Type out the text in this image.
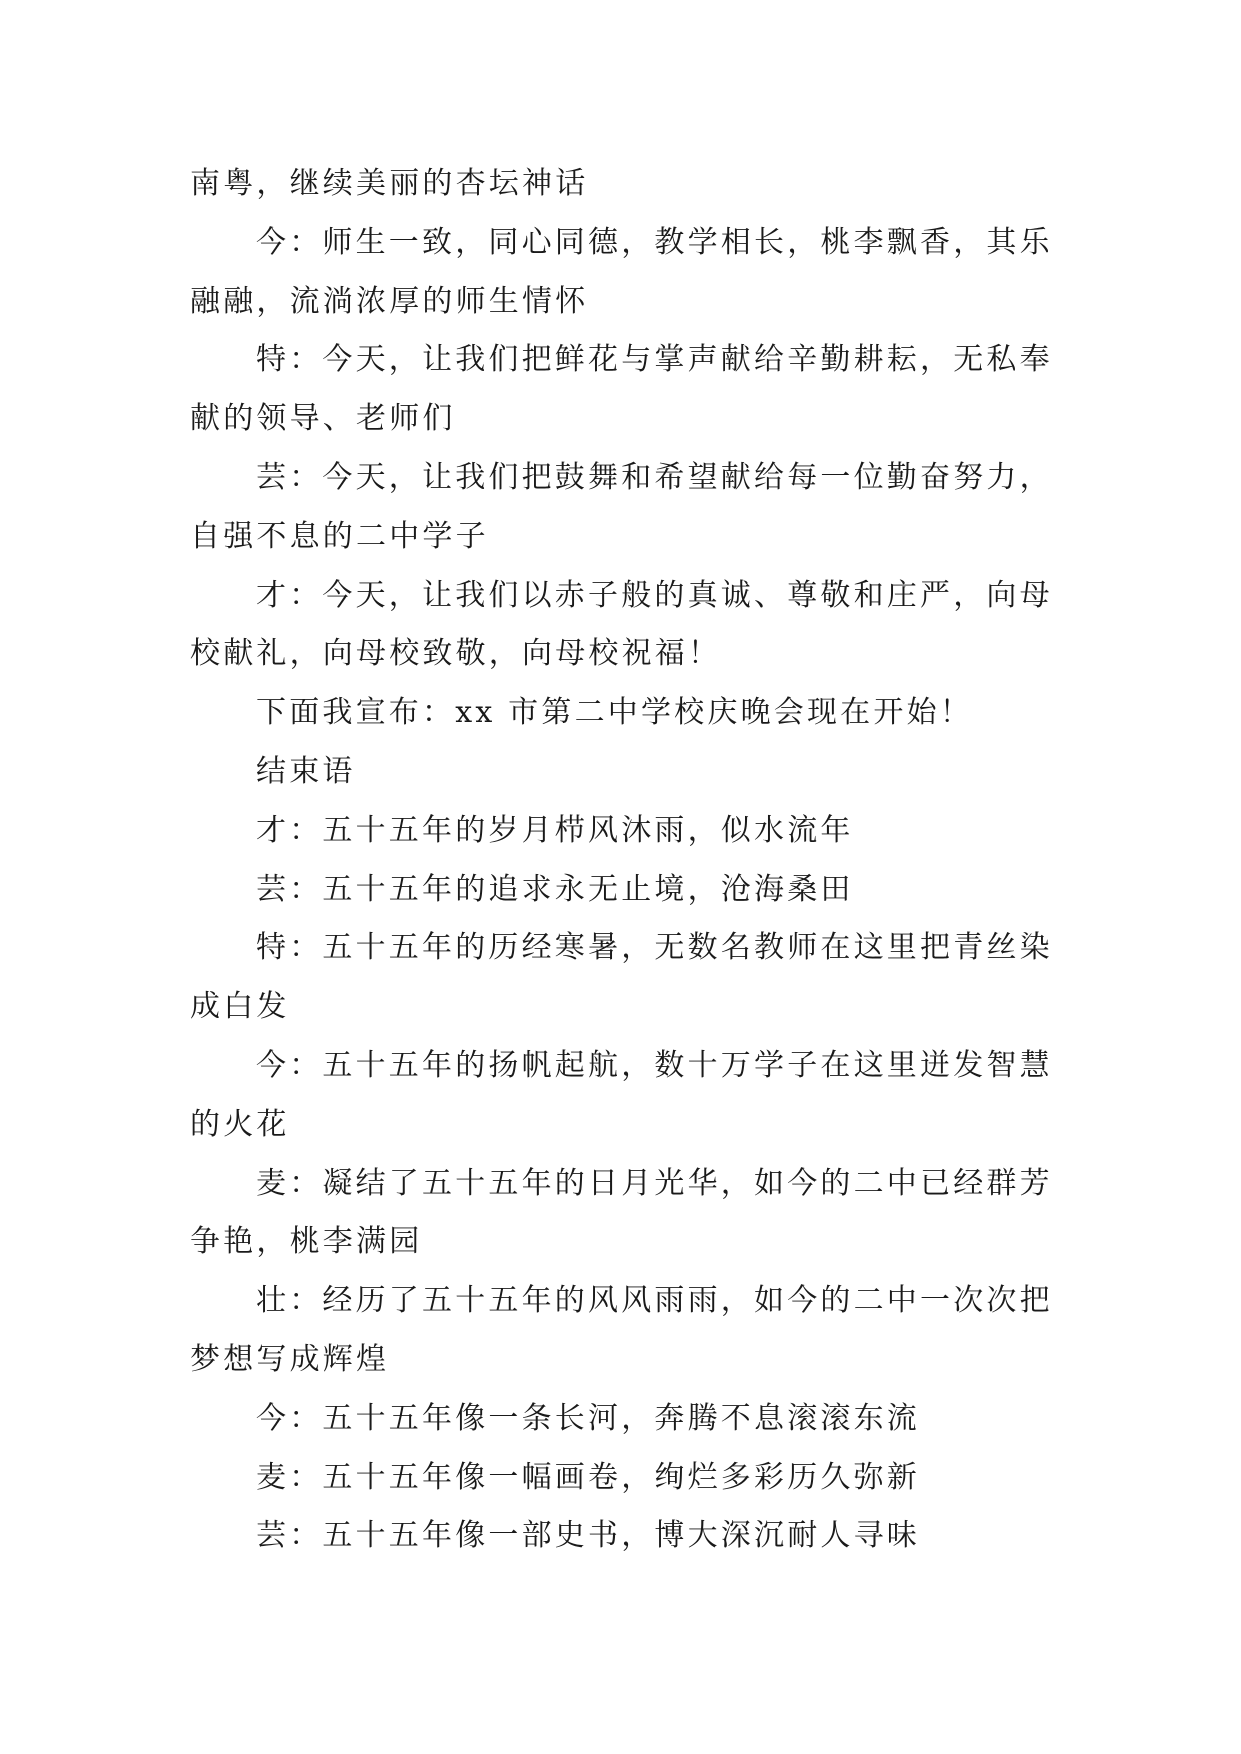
南粤，继续美丽的杏坛神话
今：师生一致，同心同德，教学相长，桃李飘香，其乐
融融，流淌浓厚的师生情怀
特：今天，让我们把鲜花与掌声献给辛勤耕耘，无私奉
献的领导、老师们
芸：今天，让我们把鼓舞和希望献给每一位勤奋努力，
自强不息的二中学子
才：今天，让我们以赤子般的真诚、尊敬和庄严，向母
校献礼，向母校致敬，向母校祝福！
下面我宣布：xx 市第二中学校庆晚会现在开始！
结束语
才：五十五年的岁月栉风沐雨，似水流年
芸：五十五年的追求永无止境，沧海桑田
特：五十五年的历经寒暑，无数名教师在这里把青丝染
成白发
今：五十五年的扬帆起航，数十万学子在这里迸发智慧
的火花
麦：凝结了五十五年的日月光华，如今的二中已经群芳
争艳，桃李满园
壮：经历了五十五年的风风雨雨，如今的二中一次次把
梦想写成辉煌
今：五十五年像一条长河，奔腾不息滚滚东流
麦：五十五年像一幅画卷，绚烂多彩历久弥新
芸：五十五年像一部史书，博大深沉耐人寻味
